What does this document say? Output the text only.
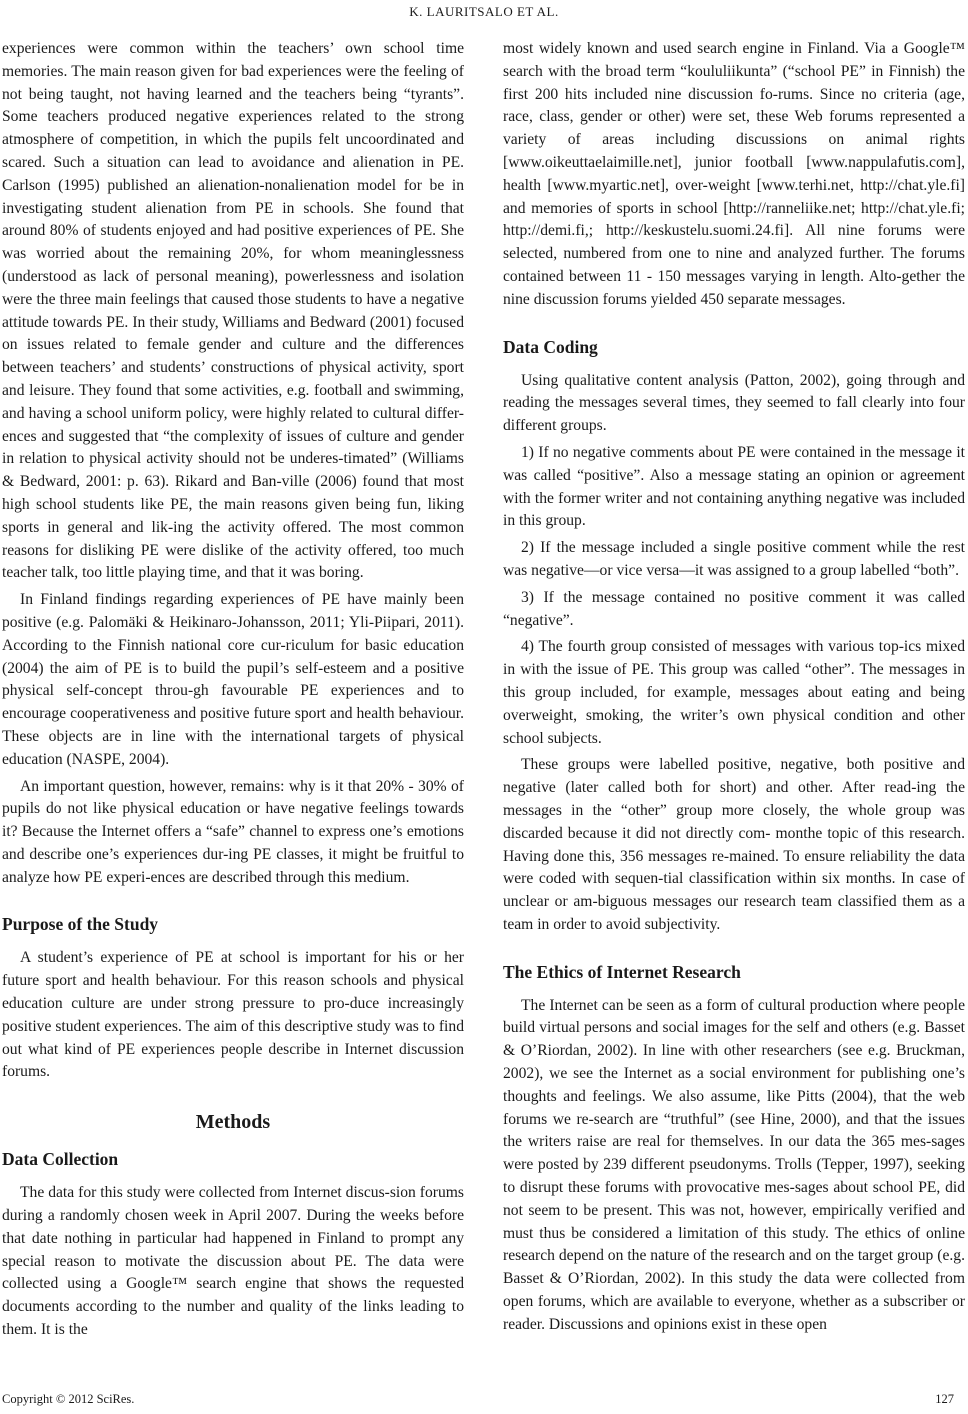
K. LAURITSALO ET AL.

experiences were common within the teachers’ own school time memories. The main reason given for bad experiences were the feeling of not being taught, not having learned and the teachers being “tyrants”. Some teachers produced negative experiences related to the strong atmosphere of competition, in which the pupils felt uncoordinated and scared. Such a situation can lead to avoidance and alienation in PE. Carlson (1995) published an alienation-nonalienation model for be in investigating student alienation from PE in schools. She found that around 80% of students enjoyed and had positive experiences of PE. She was worried about the remaining 20%, for whom meaninglessness (understood as lack of personal meaning), powerlessness and isolation were the three main feelings that caused those students to have a negative attitude towards PE. In their study, Williams and Bedward (2001) focused on issues related to female gender and culture and the differences between teachers’ and students’ constructions of physical activity, sport and leisure. They found that some activities, e.g. football and swimming, and having a school uniform policy, were highly related to cultural differ-ences and suggested that “the complexity of issues of culture and gender in relation to physical activity should not be underes-timated” (Williams & Bedward, 2001: p. 63). Rikard and Ban-ville (2006) found that most high school students like PE, the main reasons given being fun, liking sports in general and lik-ing the activity offered. The most common reasons for disliking PE were dislike of the activity offered, too much teacher talk, too little playing time, and that it was boring.

In Finland findings regarding experiences of PE have mainly been positive (e.g. Palomäki & Heikinaro-Johansson, 2011; Yli-Piipari, 2011). According to the Finnish national core cur-riculum for basic education (2004) the aim of PE is to build the pupil’s self-esteem and a positive physical self-concept throu-gh favourable PE experiences and to encourage cooperativeness and positive future sport and health behaviour. These objects are in line with the international targets of physical education (NASPE, 2004).

An important question, however, remains: why is it that 20% - 30% of pupils do not like physical education or have negative feelings towards it? Because the Internet offers a “safe” channel to express one’s emotions and describe one’s experiences dur-ing PE classes, it might be fruitful to analyze how PE experi-ences are described through this medium.

Purpose of the Study

A student’s experience of PE at school is important for his or her future sport and health behaviour. For this reason schools and physical education culture are under strong pressure to pro-duce increasingly positive student experiences. The aim of this descriptive study was to find out what kind of PE experiences people describe in Internet discussion forums.

Methods
Data Collection

The data for this study were collected from Internet discus-sion forums during a randomly chosen week in April 2007. During the weeks before that date nothing in particular had happened in Finland to prompt any special reason to motivate the discussion about PE. The data were collected using a Google™ search engine that shows the requested documents according to the number and quality of the links leading to them. It is the

most widely known and used search engine in Finland. Via a Google™ search with the broad term “koululiikunta” (“school PE” in Finnish) the first 200 hits included nine discussion fo-rums. Since no criteria (age, race, class, gender or other) were set, these Web forums represented a variety of areas including discussions on animal rights [www.oikeuttaelaimille.net], junior football [www.nappulafutis.com], health [www.myartic.net], over-weight [www.terhi.net, http://chat.yle.fi] and memories of sports in school [http://ranneliike.net; http://chat.yle.fi; http://demi.fi,; http://keskustelu.suomi.24.fi]. All nine forums were selected, numbered from one to nine and analyzed further. The forums contained between 11 - 150 messages varying in length. Alto-gether the nine discussion forums yielded 450 separate messages.

Data Coding

Using qualitative content analysis (Patton, 2002), going through and reading the messages several times, they seemed to fall clearly into four different groups.

1) If no negative comments about PE were contained in the message it was called “positive”. Also a message stating an opinion or agreement with the former writer and not containing anything negative was included in this group.

2) If the message included a single positive comment while the rest was negative—or vice versa—it was assigned to a group labelled “both”.

3) If the message contained no positive comment it was called “negative”.

4) The fourth group consisted of messages with various top-ics mixed in with the issue of PE. This group was called “other”. The messages in this group included, for example, messages about eating and being overweight, smoking, the writer’s own physical condition and other school subjects.

These groups were labelled positive, negative, both positive and negative (later called both for short) and other. After read-ing the messages in the “other” group more closely, the whole group was discarded because it did not directly com- monthe topic of this research. Having done this, 356 messages re-mained. To ensure reliability the data were coded with sequen-tial classification within six months. In case of unclear or am-biguous messages our research team classified them as a team in order to avoid subjectivity.

The Ethics of Internet Research

The Internet can be seen as a form of cultural production where people build virtual persons and social images for the self and others (e.g. Basset & O’Riordan, 2002). In line with other researchers (see e.g. Bruckman, 2002), we see the Internet as a social environment for publishing one’s thoughts and feelings. We also assume, like Pitts (2004), that the web forums we re-search are “truthful” (see Hine, 2000), and that the issues the writers raise are real for themselves. In our data the 365 mes-sages were posted by 239 different pseudonyms. Trolls (Tepper, 1997), seeking to disrupt these forums with provocative mes-sages about school PE, did not seem to be present. This was not, however, empirically verified and must thus be considered a limitation of this study. The ethics of online research depend on the nature of the research and on the target group (e.g. Basset & O’Riordan, 2002). In this study the data were collected from open forums, which are available to everyone, whether as a subscriber or reader. Discussions and opinions exist in these open

Copyright © 2012 SciRes.	127
